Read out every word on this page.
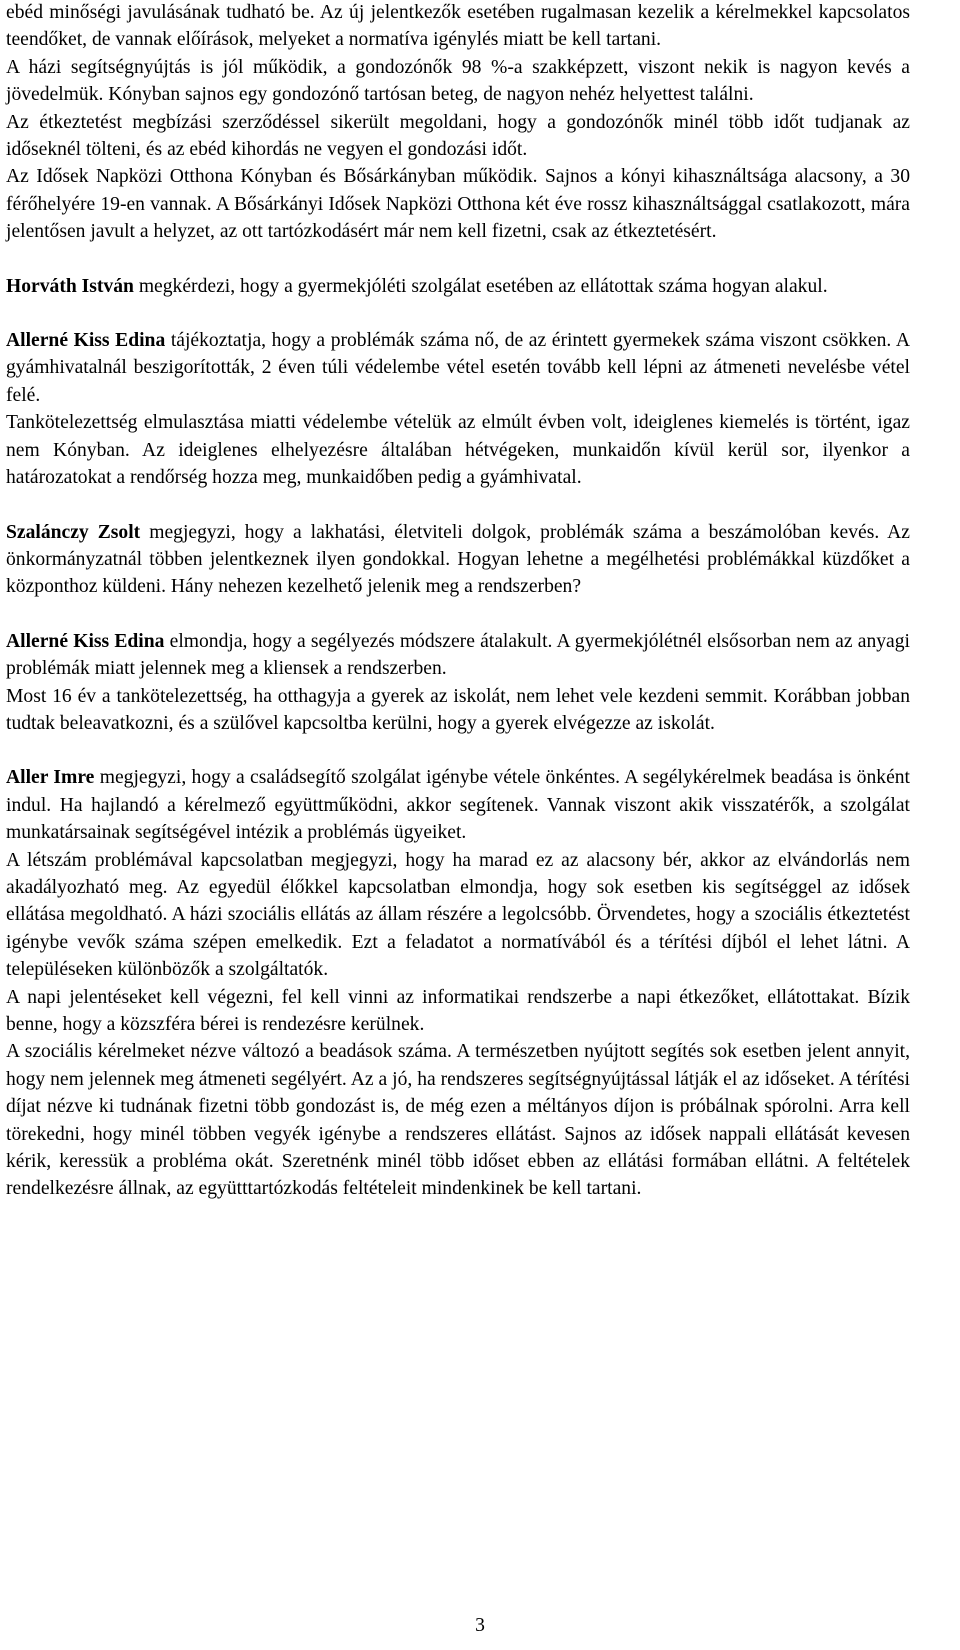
ebéd minőségi javulásának tudható be. Az új jelentkezők esetében rugalmasan kezelik a kérelmekkel kapcsolatos teendőket, de vannak előírások, melyeket a normatíva igénylés miatt be kell tartani.

A házi segítségnyújtás is jól működik, a gondozónők 98 %-a szakképzett, viszont nekik is nagyon kevés a jövedelmük. Kónyban sajnos egy gondozónő tartósan beteg, de nagyon nehéz helyettest találni.

Az étkeztetést megbízási szerződéssel sikerült megoldani, hogy a gondozónők minél több időt tudjanak az időseknél tölteni, és az ebéd kihordás ne vegyen el gondozási időt.

Az Idősek Napközi Otthona Kónyban és Bősárkányban működik. Sajnos a kónyi kihasználtsága alacsony, a 30 férőhelyére 19-en vannak. A Bősárkányi Idősek Napközi Otthona két éve rossz kihasználtsággal csatlakozott, mára jelentősen javult a helyzet, az ott tartózkodásért már nem kell fizetni, csak az étkeztetésért.

Horváth István megkérdezi, hogy a gyermekjóléti szolgálat esetében az ellátottak száma hogyan alakul.

Allerné Kiss Edina tájékoztatja, hogy a problémák száma nő, de az érintett gyermekek száma viszont csökken. A gyámhivatalnál beszigorították, 2 éven túli védelembe vétel esetén tovább kell lépni az átmeneti nevelésbe vétel felé.

Tankötelezettség elmulasztása miatti védelembe vételük az elmúlt évben volt, ideiglenes kiemelés is történt, igaz nem Kónyban. Az ideiglenes elhelyezésre általában hétvégeken, munkaidőn kívül kerül sor, ilyenkor a határozatokat a rendőrség hozza meg, munkaidőben pedig a gyámhivatal.

Szalánczy Zsolt megjegyzi, hogy a lakhatási, életviteli dolgok, problémák száma a beszámolóban kevés. Az önkormányzatnál többen jelentkeznek ilyen gondokkal. Hogyan lehetne a megélhetési problémákkal küzdőket a központhoz küldeni. Hány nehezen kezelhető jelenik meg a rendszerben?

Allerné Kiss Edina elmondja, hogy a segélyezés módszere átalakult. A gyermekjólétnél elsősorban nem az anyagi problémák miatt jelennek meg a kliensek a rendszerben.

Most 16 év a tankötelezettség, ha otthagyja a gyerek az iskolát, nem lehet vele kezdeni semmit. Korábban jobban tudtak beleavatkozni, és a szülővel kapcsoltba kerülni, hogy a gyerek elvégezze az iskolát.

Aller Imre megjegyzi, hogy a családsegítő szolgálat igénybe vétele önkéntes. A segélykérelmek beadása is önként indul. Ha hajlandó a kérelmező együttműködni, akkor segítenek. Vannak viszont akik visszatérők, a szolgálat munkatársainak segítségével intézik a problémás ügyeiket.

A létszám problémával kapcsolatban megjegyzi, hogy ha marad ez az alacsony bér, akkor az elvándorlás nem akadályozható meg. Az egyedül élőkkel kapcsolatban elmondja, hogy sok esetben kis segítséggel az idősek ellátása megoldható. A házi szociális ellátás az állam részére a legolcsóbb. Örvendetes, hogy a szociális étkeztetést igénybe vevők száma szépen emelkedik. Ezt a feladatot a normatívából és a térítési díjból el lehet látni. A településeken különbözők a szolgáltatók.

A napi jelentéseket kell végezni, fel kell vinni az informatikai rendszerbe a napi étkezőket, ellátottakat. Bízik benne, hogy a közszféra bérei is rendezésre kerülnek.

A szociális kérelmeket nézve változó a beadások száma. A természetben nyújtott segítés sok esetben jelent annyit, hogy nem jelennek meg átmeneti segélyért. Az a jó, ha rendszeres segítségnyújtással látják el az időseket. A térítési díjat nézve ki tudnának fizetni több gondozást is, de még ezen a méltányos díjon is próbálnak spórolni. Arra kell törekedni, hogy minél többen vegyék igénybe a rendszeres ellátást. Sajnos az idősek nappali ellátását kevesen kérik, keressük a probléma okát. Szeretnénk minél több időset ebben az ellátási formában ellátni. A feltételek rendelkezésre állnak, az együtttartózkodás feltételeit mindenkinek be kell tartani.

3
